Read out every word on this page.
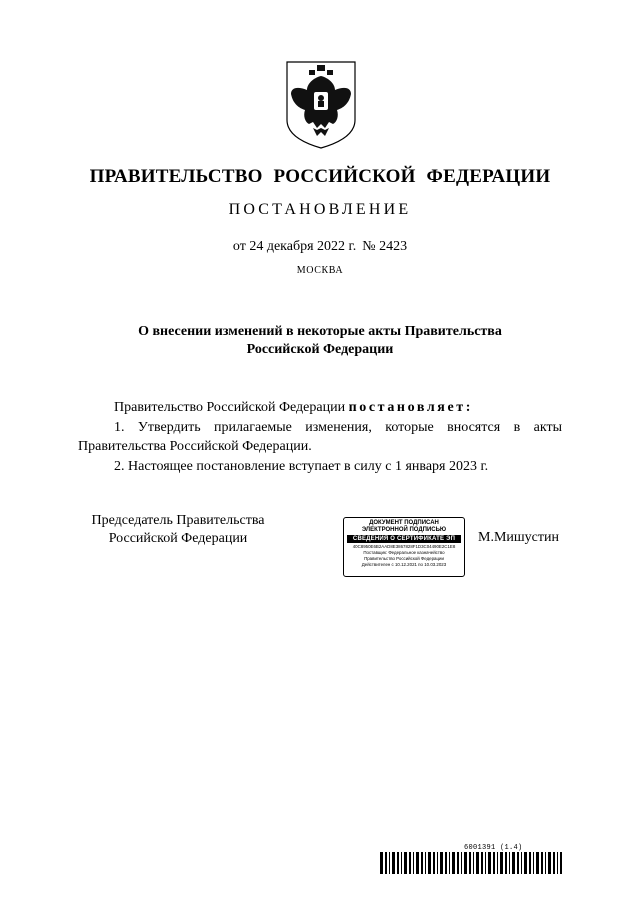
ПРАВИТЕЛЬСТВО РОССИЙСКОЙ ФЕДЕРАЦИИ
ПОСТАНОВЛЕНИЕ
от 24 декабря 2022 г. № 2423
МОСКВА
О внесении изменений в некоторые акты Правительства
Российской Федерации
Правительство Российской Федерации постановляет:
1. Утвердить прилагаемые изменения, которые вносятся в акты Правительства Российской Федерации.
2. Настоящее постановление вступает в силу с 1 января 2023 г.
Председатель Правительства
Российской Федерации
ДОКУМЕНТ ПОДПИСАН
ЭЛЕКТРОННОЙ ПОДПИСЬЮ
СВЕДЕНИЯ О СЕРТИФИКАТЕ ЭП
40C8950E6B2AAD8E3867828F1D3C04490E2C1E8
Поставщик: Федеральное казначейство
Правительство Российской Федерации
Действителен с 10.12.2021 по 10.03.2023
М.Мишустин
6001391 (1.4)
